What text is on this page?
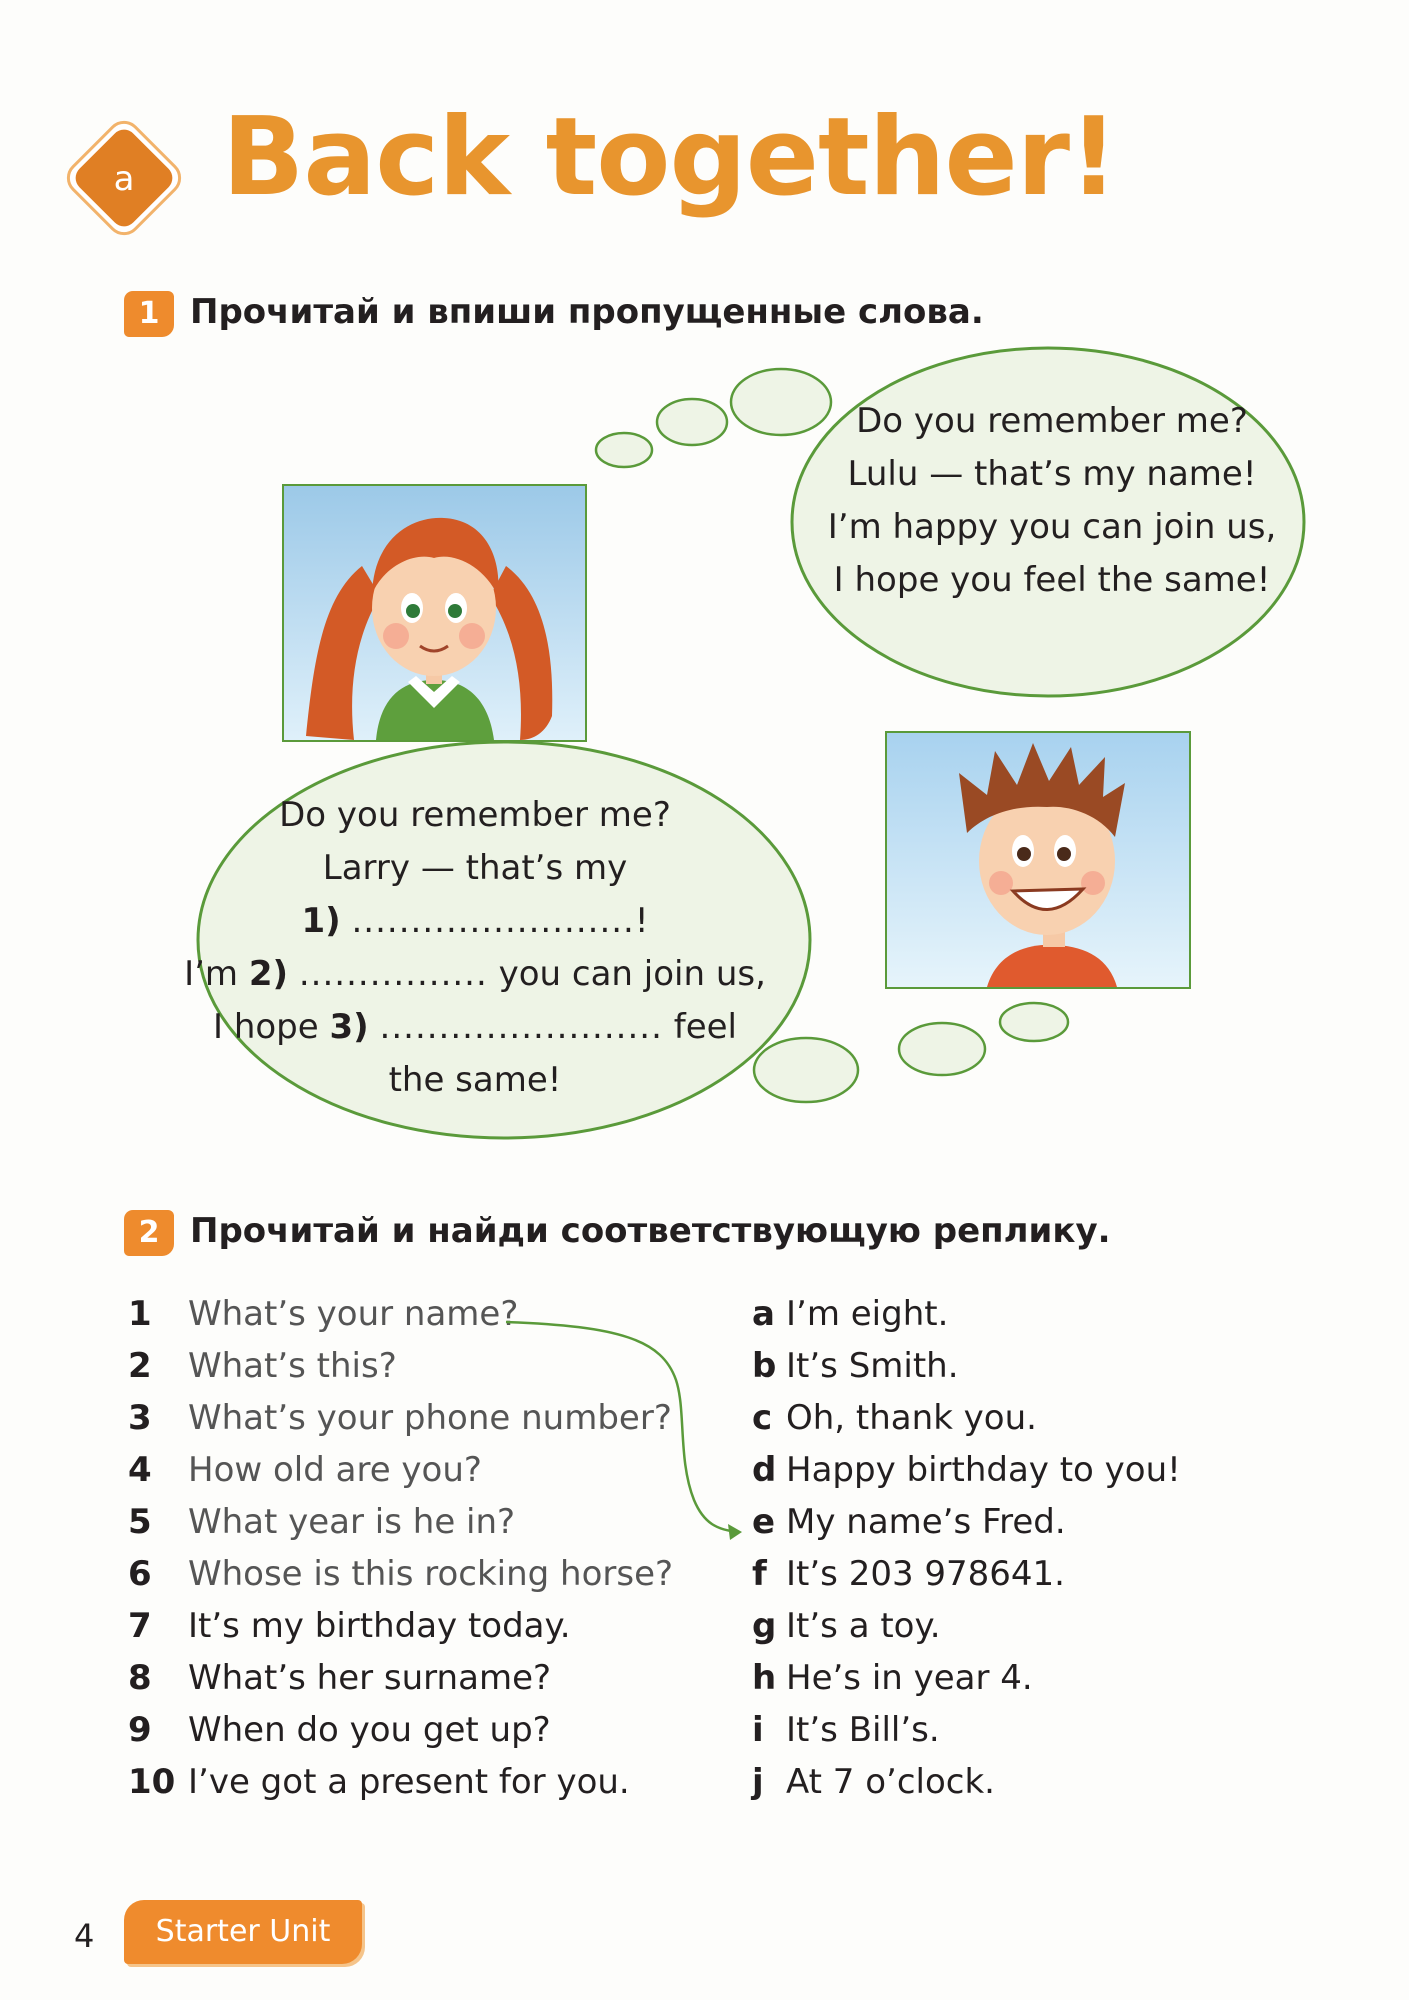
a Back together!
1 Прочитай и впиши пропущенные слова.
Do you remember me?
Lulu — that’s my name!
I’m happy you can join us,
I hope you feel the same!
Do you remember me?
Larry — that’s my
1) ........................!
I’m 2) ................ you can join us,
I hope 3) ........................ feel
the same!
2 Прочитай и найди соответствующую реплику.
1 What’s your name?
2 What’s this?
3 What’s your phone number?
4 How old are you?
5 What year is he in?
6 Whose is this rocking horse?
7 It’s my birthday today.
8 What’s her surname?
9 When do you get up?
10 I’ve got a present for you.
a I’m eight.
b It’s Smith.
c Oh, thank you.
d Happy birthday to you!
e My name’s Fred.
f It’s 203 978641.
g It’s a toy.
h He’s in year 4.
i It’s Bill’s.
j At 7 o’clock.
4	Starter Unit
